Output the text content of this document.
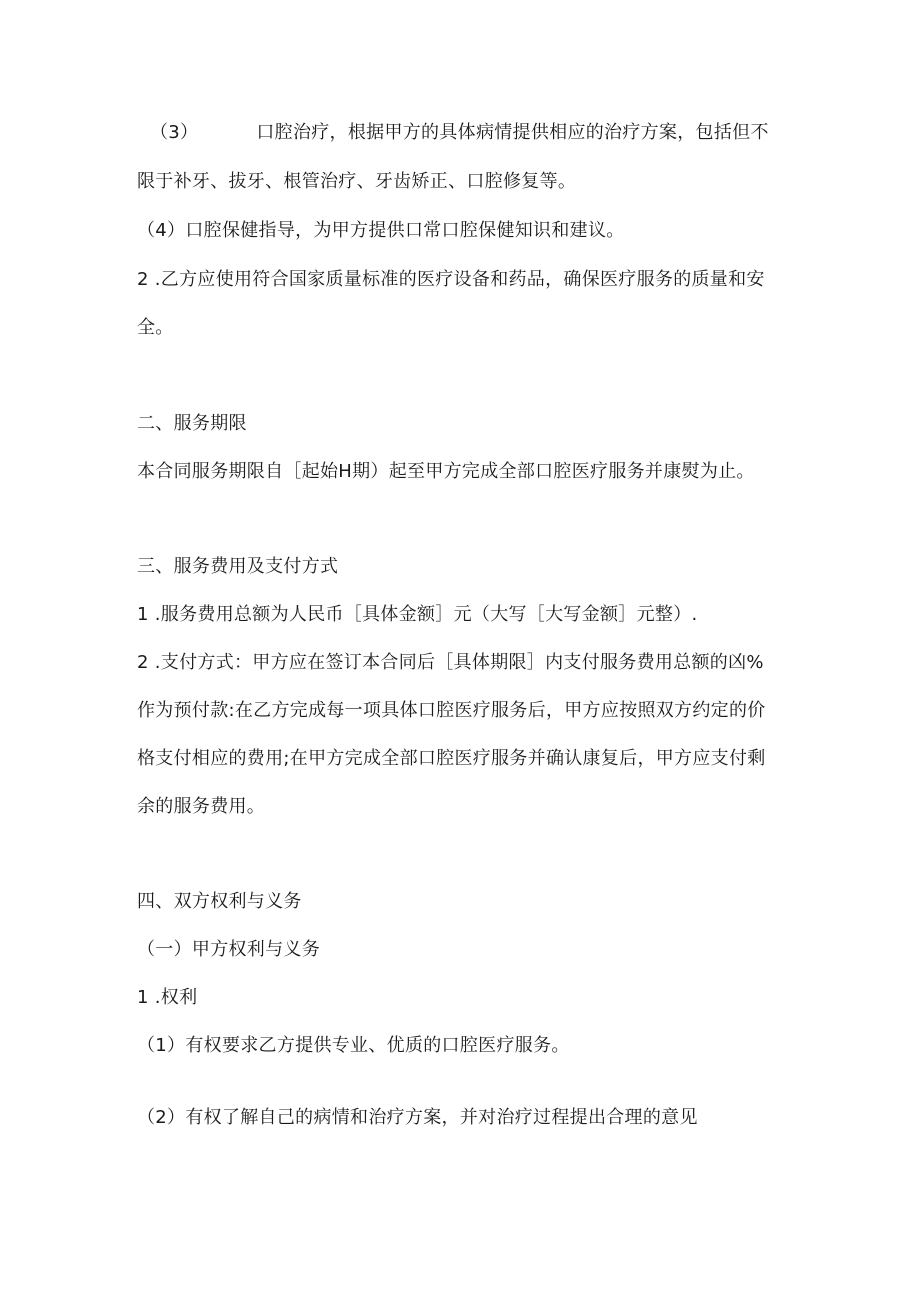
（3）	口腔治疗，根据甲方的具体病情提供相应的治疗方案，包括但不
限于补牙、拔牙、根管治疗、牙齿矫正、口腔修复等。
（4）口腔保健指导，为甲方提供口常口腔保健知识和建议。
2 .乙方应使用符合国家质量标准的医疗设备和药品，确保医疗服务的质量和安
全。
二、服务期限
本合同服务期限自［起始H期）起至甲方完成全部口腔医疗服务并康熨为止。
三、服务费用及支付方式
1 .服务费用总额为人民币［具体金额］元（大写［大写金额］元整）.
2 .支付方式：甲方应在签订本合同后［具体期限］内支付服务费用总额的凶%
作为预付款:在乙方完成每一项具体口腔医疗服务后，甲方应按照双方约定的价
格支付相应的费用;在甲方完成全部口腔医疗服务并确认康复后，甲方应支付剩
余的服务费用。
四、双方权利与义务
（一）甲方权利与义务
1 .权利
（1）有权要求乙方提供专业、优质的口腔医疗服务。
（2）有权了解自己的病情和治疗方案，并对治疗过程提出合理的意见
